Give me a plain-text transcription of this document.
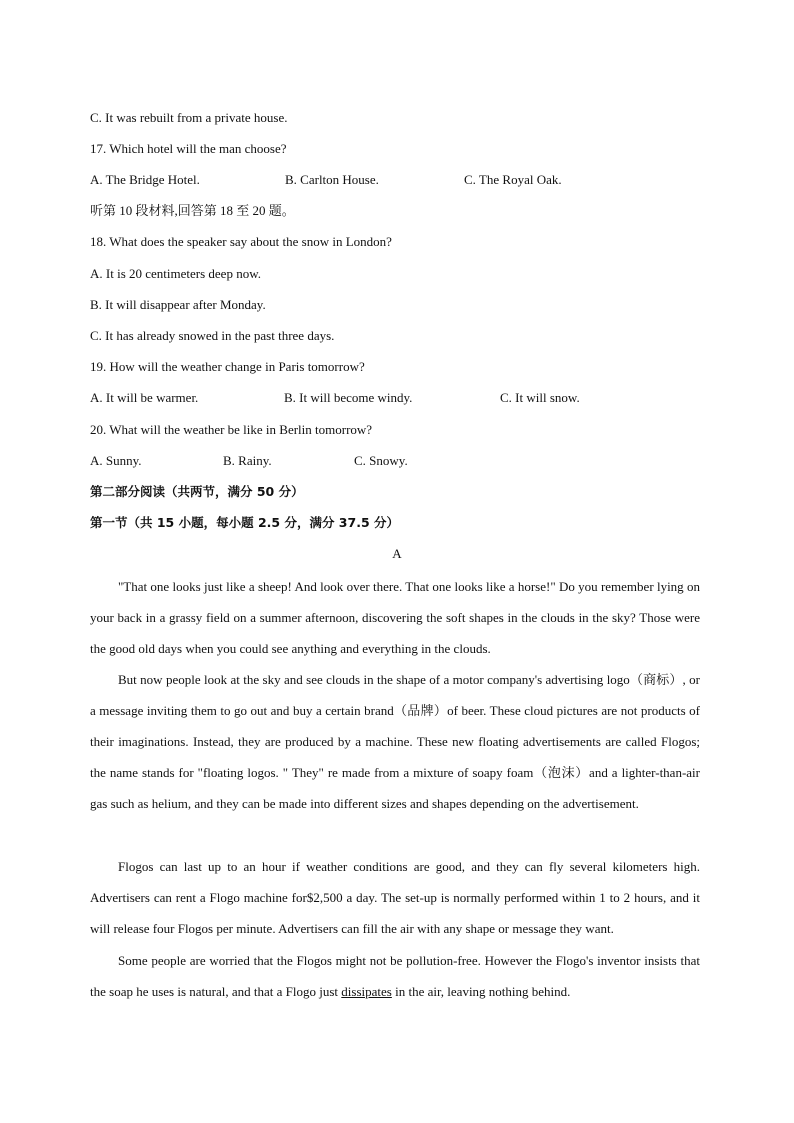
C. It was rebuilt from a private house.
17. Which hotel will the man choose?
A. The Bridge Hotel.	B. Carlton House.	C. The Royal Oak.
听第 10 段材料,回答第 18 至 20 题。
18. What does the speaker say about the snow in London?
A. It is 20 centimeters deep now.
B. It will disappear after Monday.
C. It has already snowed in the past three days.
19. How will the weather change in Paris tomorrow?
A. It will be warmer.	B. It will become windy.	C. It will snow.
20. What will the weather be like in Berlin tomorrow?
A. Sunny.	B. Rainy.	C. Snowy.
第二部分阅读（共两节，满分 50 分）
第一节（共 15 小题，每小题 2.5 分，满分 37.5 分）
A
"That one looks just like a sheep! And look over there. That one looks like a horse!" Do you remember lying on your back in a grassy field on a summer afternoon, discovering the soft shapes in the clouds in the sky? Those were the good old days when you could see anything and everything in the clouds.
But now people look at the sky and see clouds in the shape of a motor company's advertising logo（商标）, or a message inviting them to go out and buy a certain brand（品牌）of beer. These cloud pictures are not products of their imaginations. Instead, they are produced by a machine. These new floating advertisements are called Flogos; the name stands for "floating logos. " They" re made from a mixture of soapy foam（泡沫）and a lighter-than-air gas such as helium, and they can be made into different sizes and shapes depending on the advertisement.
Flogos can last up to an hour if weather conditions are good, and they can fly several kilometers high. Advertisers can rent a Flogo machine for$2,500 a day. The set-up is normally performed within 1 to 2 hours, and it will release four Flogos per minute. Advertisers can fill the air with any shape or message they want.
Some people are worried that the Flogos might not be pollution-free. However the Flogo's inventor insists that the soap he uses is natural, and that a Flogo just dissipates in the air, leaving nothing behind.
